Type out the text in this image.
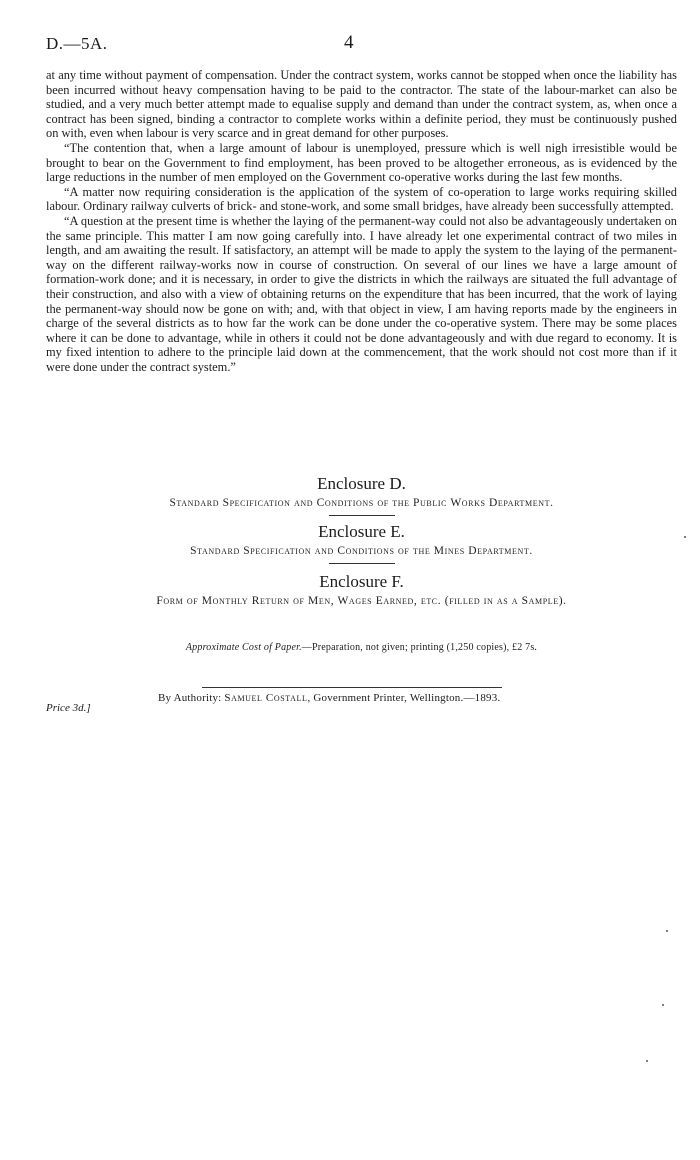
D.—5A.	4

at any time without payment of compensation. Under the contract system, works cannot be stopped when once the liability has been incurred without heavy compensation having to be paid to the contractor. The state of the labour-market can also be studied, and a very much better attempt made to equalise supply and demand than under the contract system, as, when once a contract has been signed, binding a contractor to complete works within a definite period, they must be continuously pushed on with, even when labour is very scarce and in great demand for other purposes.

“The contention that, when a large amount of labour is unemployed, pressure which is well nigh irresistible would be brought to bear on the Government to find employment, has been proved to be altogether erroneous, as is evidenced by the large reductions in the number of men employed on the Government co-operative works during the last few months.

“A matter now requiring consideration is the application of the system of co-operation to large works requiring skilled labour. Ordinary railway culverts of brick- and stone-work, and some small bridges, have already been successfully attempted.

“A question at the present time is whether the laying of the permanent-way could not also be advantageously undertaken on the same principle. This matter I am now going carefully into. I have already let one experimental contract of two miles in length, and am awaiting the result. If satisfactory, an attempt will be made to apply the system to the laying of the permanent-way on the different railway-works now in course of construction. On several of our lines we have a large amount of formation-work done; and it is necessary, in order to give the districts in which the railways are situated the full advantage of their construction, and also with a view of obtaining returns on the expenditure that has been incurred, that the work of laying the permanent-way should now be gone on with; and, with that object in view, I am having reports made by the engineers in charge of the several districts as to how far the work can be done under the co-operative system. There may be some places where it can be done to advantage, while in others it could not be done advantageously and with due regard to economy. It is my fixed intention to adhere to the principle laid down at the commencement, that the work should not cost more than if it were done under the contract system.”

Enclosure D.
Standard Specification and Conditions of the Public Works Department.
Enclosure E.
Standard Specification and Conditions of the Mines Department.
Enclosure F.
Form of Monthly Return of Men, Wages Earned, etc. (filled in as a Sample).
Approximate Cost of Paper.—Preparation, not given; printing (1,250 copies), £2 7s.
By Authority: Samuel Costall, Government Printer, Wellington.—1893.
Price 3d.]
